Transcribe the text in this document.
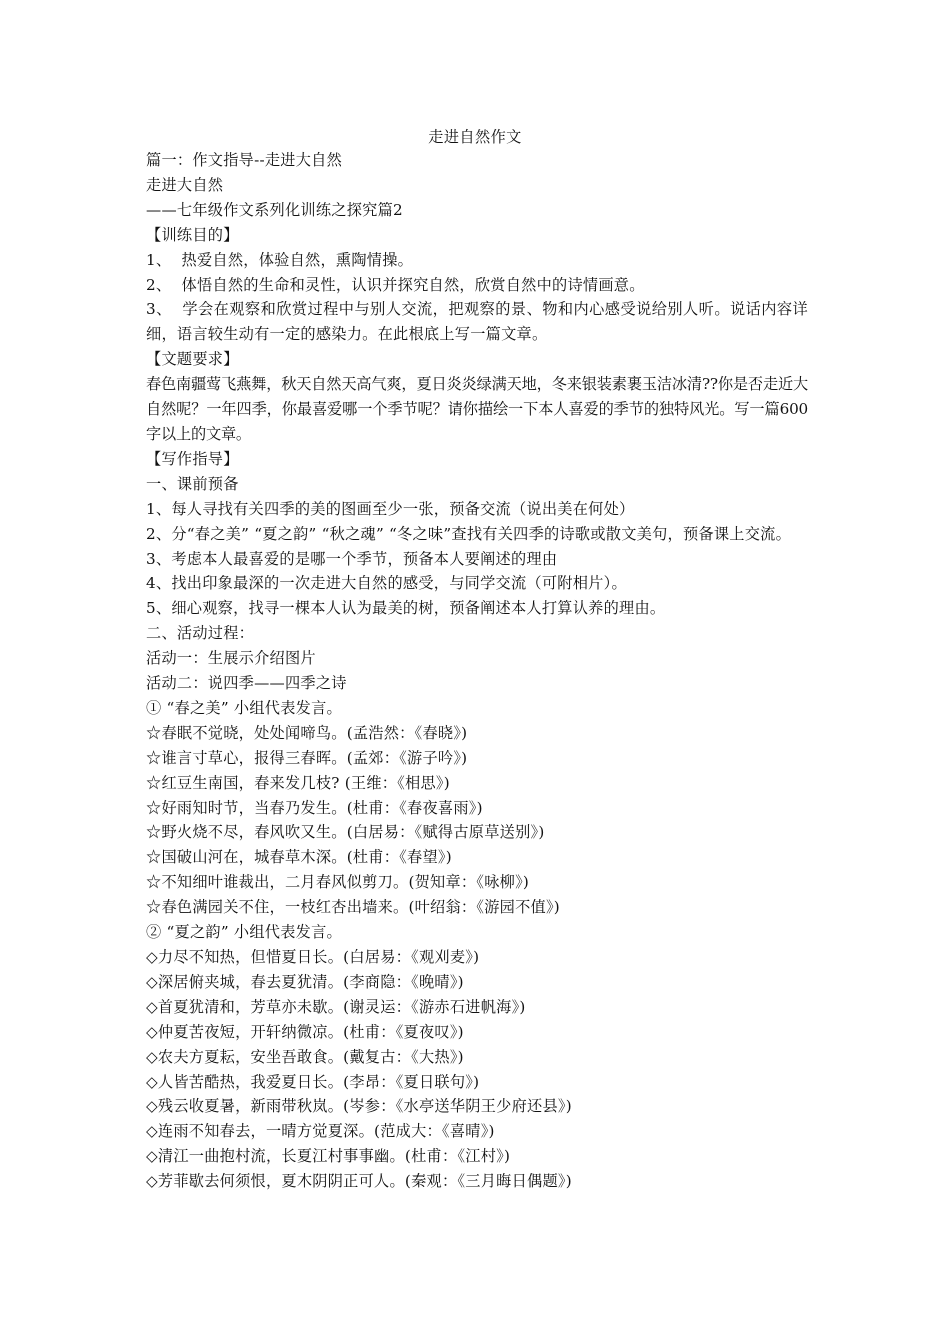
走进自然作文
篇一：作文指导--走进大自然
走进大自然
——七年级作文系列化训练之探究篇2
【训练目的】
1、  热爱自然，体验自然，熏陶情操。
2、  体悟自然的生命和灵性，认识并探究自然，欣赏自然中的诗情画意。
3、  学会在观察和欣赏过程中与别人交流，把观察的景、物和内心感受说给别人听。说话内容详细，语言较生动有一定的感染力。在此根底上写一篇文章。
【文题要求】
春色南疆莺飞燕舞，秋天自然天高气爽，夏日炎炎绿满天地，冬来银装素裹玉洁冰清??你是否走近大自然呢？一年四季，你最喜爱哪一个季节呢？请你描绘一下本人喜爱的季节的独特风光。写一篇600字以上的文章。
【写作指导】
一、课前预备
1、每人寻找有关四季的美的图画至少一张，预备交流（说出美在何处）
2、分“春之美” “夏之韵” “秋之魂” “冬之味”查找有关四季的诗歌或散文美句，预备课上交流。
3、考虑本人最喜爱的是哪一个季节，预备本人要阐述的理由
4、找出印象最深的一次走进大自然的感受，与同学交流（可附相片）。
5、细心观察，找寻一棵本人认为最美的树，预备阐述本人打算认养的理由。
二、活动过程：
活动一：生展示介绍图片
活动二：说四季——四季之诗
① “春之美” 小组代表发言。
☆春眠不觉晓，处处闻啼鸟。(孟浩然：《春晓》)
☆谁言寸草心，报得三春晖。(孟郊：《游子吟》)
☆红豆生南国，春来发几枝? (王维：《相思》)
☆好雨知时节，当春乃发生。(杜甫：《春夜喜雨》)
☆野火烧不尽，春风吹又生。(白居易：《赋得古原草送别》)
☆国破山河在，城春草木深。(杜甫：《春望》)
☆不知细叶谁裁出，二月春风似剪刀。(贺知章：《咏柳》)
☆春色满园关不住，一枝红杏出墙来。(叶绍翁：《游园不值》)
② “夏之韵” 小组代表发言。
◇力尽不知热，但惜夏日长。(白居易：《观刈麦》)
◇深居俯夹城，春去夏犹清。(李商隐：《晚晴》)
◇首夏犹清和，芳草亦未歇。(谢灵运：《游赤石进帆海》)
◇仲夏苦夜短，开轩纳微凉。(杜甫：《夏夜叹》)
◇农夫方夏耘，安坐吾敢食。(戴复古：《大热》)
◇人皆苦酷热，我爱夏日长。(李昂：《夏日联句》)
◇残云收夏暑，新雨带秋岚。(岑参：《水亭送华阴王少府还县》)
◇连雨不知春去，一晴方觉夏深。(范成大：《喜晴》)
◇清江一曲抱村流，长夏江村事事幽。(杜甫：《江村》)
◇芳菲歇去何须恨，夏木阴阴正可人。(秦观：《三月晦日偶题》)
